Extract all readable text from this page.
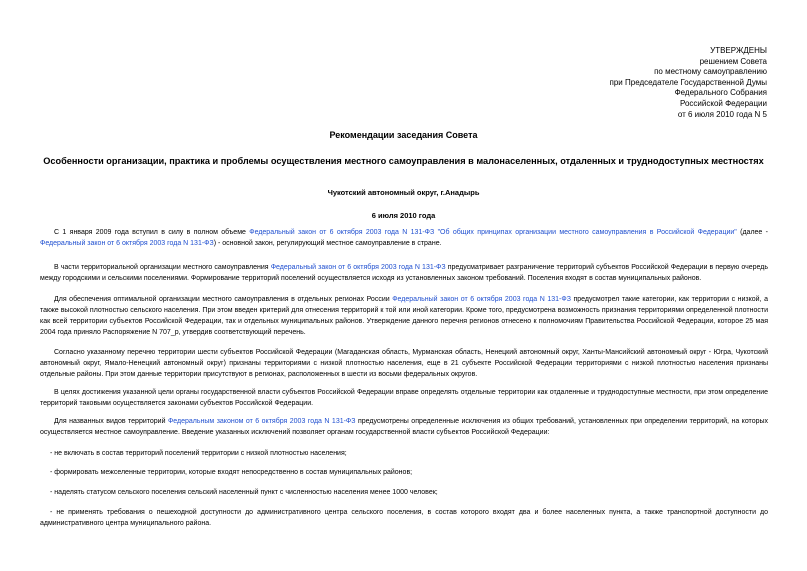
УТВЕРЖДЕНЫ
решением Совета
по местному самоуправлению
при Председателе Государственной Думы
Федерального Собрания
Российской Федерации
от 6 июля 2010 года N 5
Рекомендации заседания Совета
Особенности организации, практика и проблемы осуществления местного самоуправления в малонаселенных, отдаленных и труднодоступных местностях
Чукотский автономный округ, г.Анадырь
6 июля 2010 года
С 1 января 2009 года вступил в силу в полном объеме Федеральный закон от 6 октября 2003 года N 131-ФЗ "Об общих принципах организации местного самоуправления в Российской Федерации" (далее - Федеральный закон от 6 октября 2003 года N 131-ФЗ) - основной закон, регулирующий местное самоуправление в стране.
В части территориальной организации местного самоуправления Федеральный закон от 6 октября 2003 года N 131-ФЗ предусматривает разграничение территорий субъектов Российской Федерации в первую очередь между городскими и сельскими поселениями. Формирование территорий поселений осуществляется исходя из установленных законом требований. Поселения входят в состав муниципальных районов.
Для обеспечения оптимальной организации местного самоуправления в отдельных регионах России Федеральный закон от 6 октября 2003 года N 131-ФЗ предусмотрел такие категории, как территории с низкой, а также высокой плотностью сельского населения. При этом введен критерий для отнесения территорий к той или иной категории. Кроме того, предусмотрена возможность признания территориями определенной плотности как всей территории субъектов Российской Федерации, так и отдельных муниципальных районов. Утверждение данного перечня регионов отнесено к полномочиям Правительства Российской Федерации, которое 25 мая 2004 года приняло Распоряжение N 707_р, утвердив соответствующий перечень.
Согласно указанному перечню территории шести субъектов Российской Федерации (Магаданская область, Мурманская область, Ненецкий автономный округ, Ханты-Мансийский автономный округ - Югра, Чукотский автономный округ, Ямало-Ненецкий автономный округ) признаны территориями с низкой плотностью населения, еще в 21 субъекте Российской Федерации территориями с низкой плотностью населения признаны отдельные районы. При этом данные территории присутствуют в регионах, расположенных в шести из восьми федеральных округов.
В целях достижения указанной цели органы государственной власти субъектов Российской Федерации вправе определять отдельные территории как отдаленные и труднодоступные местности, при этом определение территорий таковыми осуществляется законами субъектов Российской Федерации.
Для названных видов территорий Федеральным законом от 6 октября 2003 года N 131-ФЗ предусмотрены определенные исключения из общих требований, установленных при определении территорий, на которых осуществляется местное самоуправление. Введение указанных исключений позволяет органам государственной власти субъектов Российской Федерации:
- не включать в состав территорий поселений территории с низкой плотностью населения;
- формировать межселенные территории, которые входят непосредственно в состав муниципальных районов;
- наделять статусом сельского поселения сельский населенный пункт с численностью населения менее 1000 человек;
- не применять требования о пешеходной доступности до административного центра сельского поселения, в состав которого входят два и более населенных пункта, а также транспортной доступности до административного центра муниципального района.
